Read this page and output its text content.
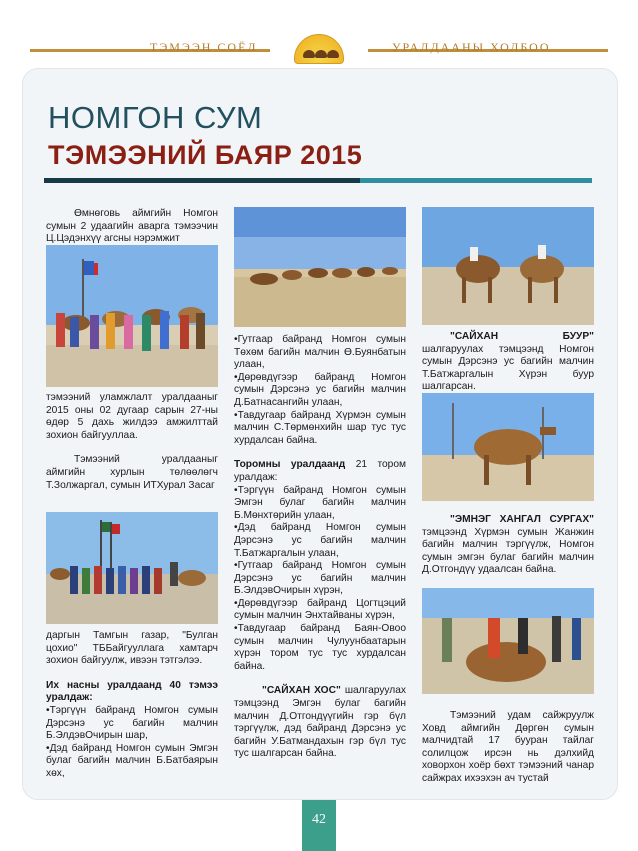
ТЭМЭЭН СОЁЛ	УРАЛДААНЫ ХОЛБОО
НОМГОН СУМ
ТЭМЭЭНИЙ БАЯР 2015

Өмнөговь аймгийн Номгон сумын 2 удаагийн аварга тэмээчин Ц.Цэдэнхүү агсны нэрэмжит

тэмээний уламжлалт уралдааныг 2015 оны 02 дугаар сарын 27-ны өдөр 5 дахь жилдээ амжилттай зохион байгууллаа.

Тэмээний уралдааныг аймгийн хурлын төлөөлөгч Т.Золжаргал, сумын ИТХурал Засаг

даргын Тамгын газар, "Булган цохио" ТББайгууллага хамтарч зохион байгуулж, ивээн тэтгэлээ.

Их насны уралдаанд 40 тэмээ уралдаж:
•Тэргүүн байранд Номгон сумын Дэрсэнэ ус багийн малчин Б.ЭлдэвОчирын шар,
•Дэд байранд Номгон сумын Эмгэн булаг багийн малчин Б.Батбаярын хөх,
•Гутгаар байранд Номгон сумын Төхөм багийн малчин Ө.Буянбатын улаан,
•Дөрөвдүгээр байранд Номгон сумын Дэрсэнэ ус багийн малчин Д.Батнасангийн улаан,

•Тавдугаар байранд Хүрмэн сумын малчин С.Төрмөнхийн шар тус тус хурдалсан байна.

Торомны уралдаанд 21 тором уралдаж:
•Тэргүүн байранд Номгон сумын Эмгэн булаг багийн малчин Б.Мөнхтөрийн улаан,
•Дэд байранд Номгон сумын Дэрсэнэ ус багийн малчин Т.Батжаргалын улаан,
•Гутгаар байранд Номгон сумын Дэрсэнэ ус багийн малчин Б.ЭлдэвОчирын хүрэн,
•Дөрөвдүгээр байранд Цогтцэций сумын малчин Энхтайваны хүрэн,

•Тавдугаар байранд Баян-Овоо сумын малчин Чулуунбаатарын хүрэн тором тус тус хурдалсан байна.

"САЙХАН ХОС" шалгаруулах тэмцээнд Эмгэн булаг багийн малчин Д.Отгондүүгийн гэр бүл тэргүүлж, дэд байранд Дэрсэнэ ус багийн У.Батмандахын гэр бүл тус тус шалгарсан байна.
"САЙХАН БУУР" шалгаруулах тэмцээнд Номгон сумын Дэрсэнэ ус багийн малчин Т.Батжаргалын Хүрэн буур шалгарсан.
"ЭМНЭГ ХАНГАЛ СУРГАХ" тэмцээнд Хүрмэн сумын Жанжин багийн малчин тэргүүлж, Номгон сумын эмгэн булаг багийн малчин Д.Отгондүү удаалсан байна.

Тэмээний удам сайжруулж Ховд аймгийн Дөргөн сумын малчидтай 17 буурaн тайлаг солилцож ирсэн нь дэлхийд ховорхон хоёр бөхт тэмээний чанар сайжрах ихээхэн ач тустай

42
